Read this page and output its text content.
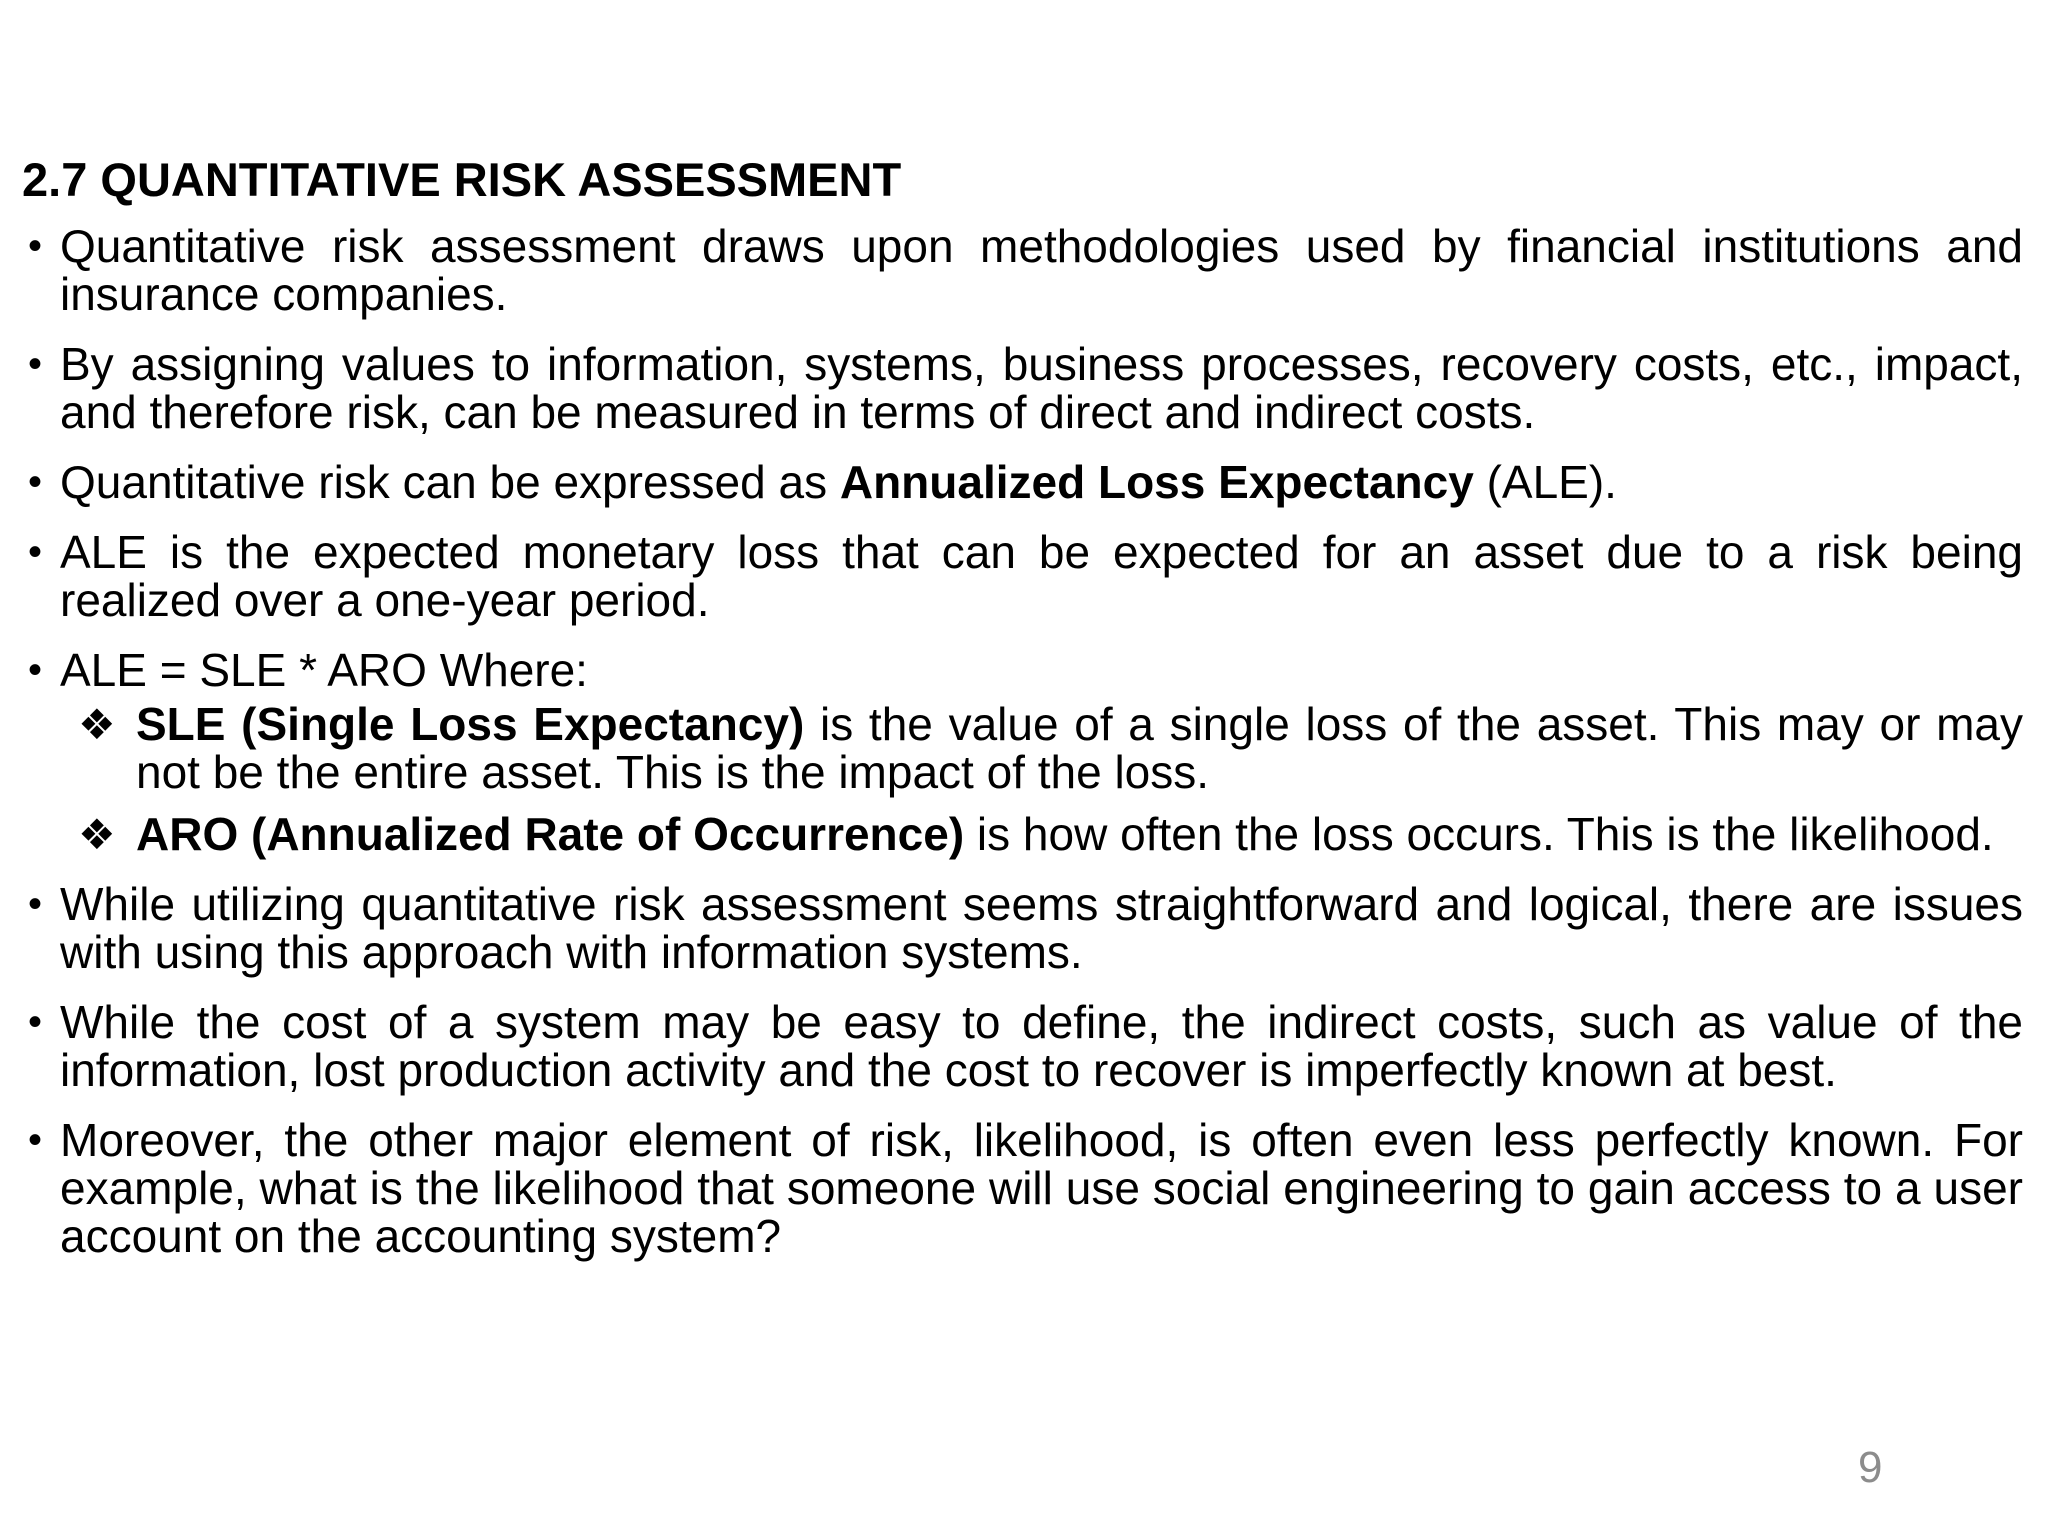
2.7 QUANTITATIVE RISK ASSESSMENT
• Quantitative risk assessment draws upon methodologies used by financial institutions and insurance companies.
• By assigning values to information, systems, business processes, recovery costs, etc., impact, and therefore risk, can be measured in terms of direct and indirect costs.
• Quantitative risk can be expressed as Annualized Loss Expectancy (ALE).
• ALE is the expected monetary loss that can be expected for an asset due to a risk being realized over a one-year period.
• ALE = SLE * ARO Where:
❖ SLE (Single Loss Expectancy) is the value of a single loss of the asset. This may or may not be the entire asset. This is the impact of the loss.
❖ ARO (Annualized Rate of Occurrence) is how often the loss occurs. This is the likelihood.
• While utilizing quantitative risk assessment seems straightforward and logical, there are issues with using this approach with information systems.
• While the cost of a system may be easy to define, the indirect costs, such as value of the information, lost production activity and the cost to recover is imperfectly known at best.
• Moreover, the other major element of risk, likelihood, is often even less perfectly known. For example, what is the likelihood that someone will use social engineering to gain access to a user account on the accounting system?
9
